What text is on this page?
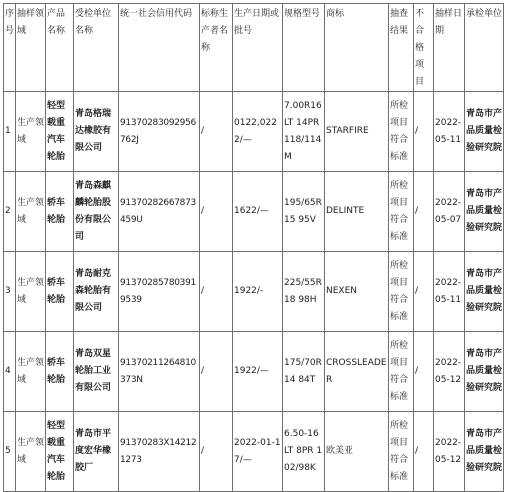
序号	抽样领域	产品名称	受检单位名称	统一社会信用代码	标称生产者名称	生产日期或批号	规格型号	商标	抽查结果	不合格项目	抽样日期	承检单位
1	生产领域	轻型载重汽车轮胎	青岛格瑞达橡胶有限公司	91370283092956762J	/	0122,0222/—	7.00R16LT 14PR 118/114M	STARFIRE	所检项目符合标准	/	2022-05-11	青岛市产品质量检验研究院
2	生产领域	轿车轮胎	青岛森麒麟轮胎股份有限公司	91370282667873459U	/	1622/—	195/65R15 95V	DELINTE	所检项目符合标准	/	2022-05-07	青岛市产品质量检验研究院
3	生产领域	轿车轮胎	青岛耐克森轮胎有限公司	913702857803919539	/	1922/-	225/55R18 98H	NEXEN	所检项目符合标准	/	2022-05-11	青岛市产品质量检验研究院
4	生产领域	轿车轮胎	青岛双星轮胎工业有限公司	91370211264810373N	/	1922/—	175/70R14 84T	CROSSLEADER	所检项目符合标准	/	2022-05-12	青岛市产品质量检验研究院
5	生产领域	轻型载重汽车轮胎	青岛市平度宏华橡胶厂	91370283X142121273	/	2022-01-17/—	6.50-16LT 8PR 102/98K	欧美亚	所检项目符合标准	/	2022-05-12	青岛市产品质量检验研究院
